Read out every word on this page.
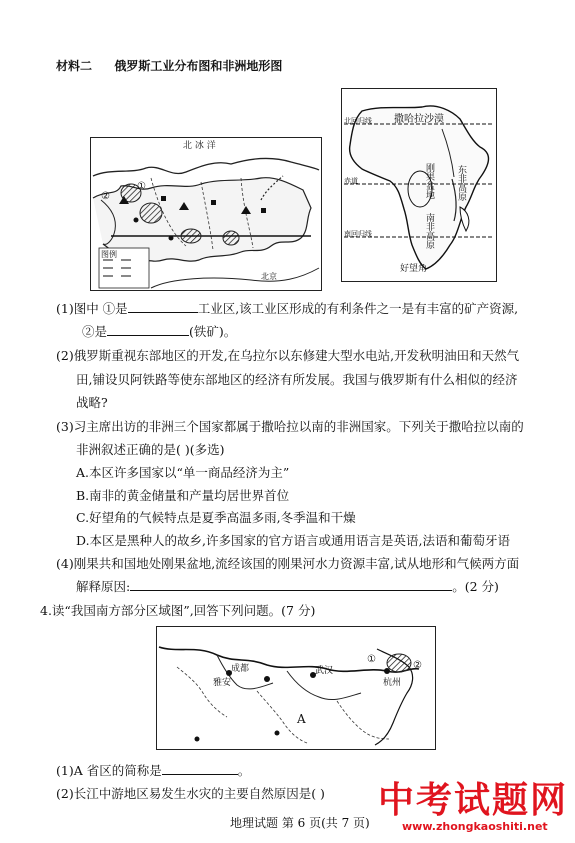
材料二 俄罗斯工业分布图和非洲地形图
北 冰 洋
①
②
图例
北京
北回归线 撒哈拉沙漠
赤道	刚果盆地 东非高原
南非高原
南回归线
好望角
(1)图中 ①是	工业区,该工业区形成的有利条件之一是有丰富的矿产资源,
②是	(铁矿)。
(2)俄罗斯重视东部地区的开发,在乌拉尔以东修建大型水电站,开发秋明油田和天然气
田,铺设贝阿铁路等使东部地区的经济有所发展。我国与俄罗斯有什么相似的经济
战略?
(3)习主席出访的非洲三个国家都属于撒哈拉以南的非洲国家。下列关于撒哈拉以南的
非洲叙述正确的是( )(多选)
A.本区许多国家以“单一商品经济为主”
B.南非的黄金储量和产量均居世界首位
C.好望角的气候特点是夏季高温多雨,冬季温和干燥
D.本区是黑种人的故乡,许多国家的官方语言或通用语言是英语,法语和葡萄牙语
(4)刚果共和国地处刚果盆地,流经该国的刚果河水力资源丰富,试从地形和气候两方面
解释原因:	。(2 分)
4.读“我国南方部分区域图”,回答下列问题。(7 分)
雅安
成都	武汉
杭州
A
①
②
(1)A 省区的简称是	。
(2)长江中游地区易发生水灾的主要自然原因是( )
地理试题 第 6 页(共 7 页)
中考试题网
www.zhongkaoshiti.net
